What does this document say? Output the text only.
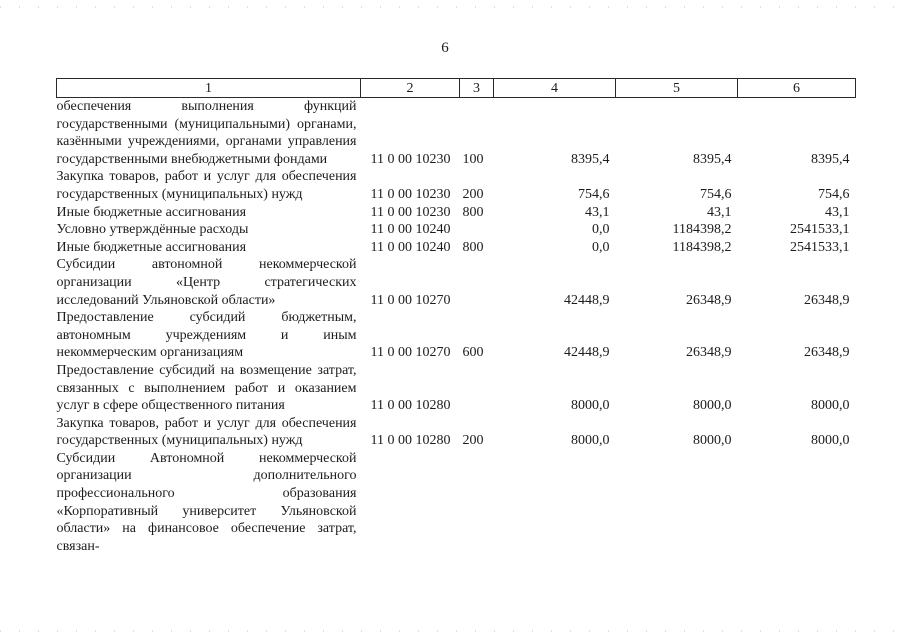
6
1	2	3	4	5	6
обеспечения выполнения функций государственными (муниципальными) органами, казёнными учреждениями, органами управления государственными внебюджетными фондами	11 0 00 10230	100	8395,4	8395,4	8395,4
Закупка товаров, работ и услуг для обеспечения государственных (муниципальных) нужд	11 0 00 10230	200	754,6	754,6	754,6
Иные бюджетные ассигнования	11 0 00 10230	800	43,1	43,1	43,1
Условно утверждённые расходы	11 0 00 10240		0,0	1184398,2	2541533,1
Иные бюджетные ассигнования	11 0 00 10240	800	0,0	1184398,2	2541533,1
Субсидии автономной некоммерческой организации «Центр стратегических исследований Ульяновской области»	11 0 00 10270		42448,9	26348,9	26348,9
Предоставление субсидий бюджетным, автономным учреждениям и иным некоммерческим организациям	11 0 00 10270	600	42448,9	26348,9	26348,9
Предоставление субсидий на возмещение затрат, связанных с выполнением работ и оказанием услуг в сфере общественного питания	11 0 00 10280		8000,0	8000,0	8000,0
Закупка товаров, работ и услуг для обеспечения государственных (муниципальных) нужд	11 0 00 10280	200	8000,0	8000,0	8000,0
Субсидии Автономной некоммерческой организации дополнительного профессионального образования «Корпоративный университет Ульяновской области» на финансовое обеспечение затрат, связан-					
